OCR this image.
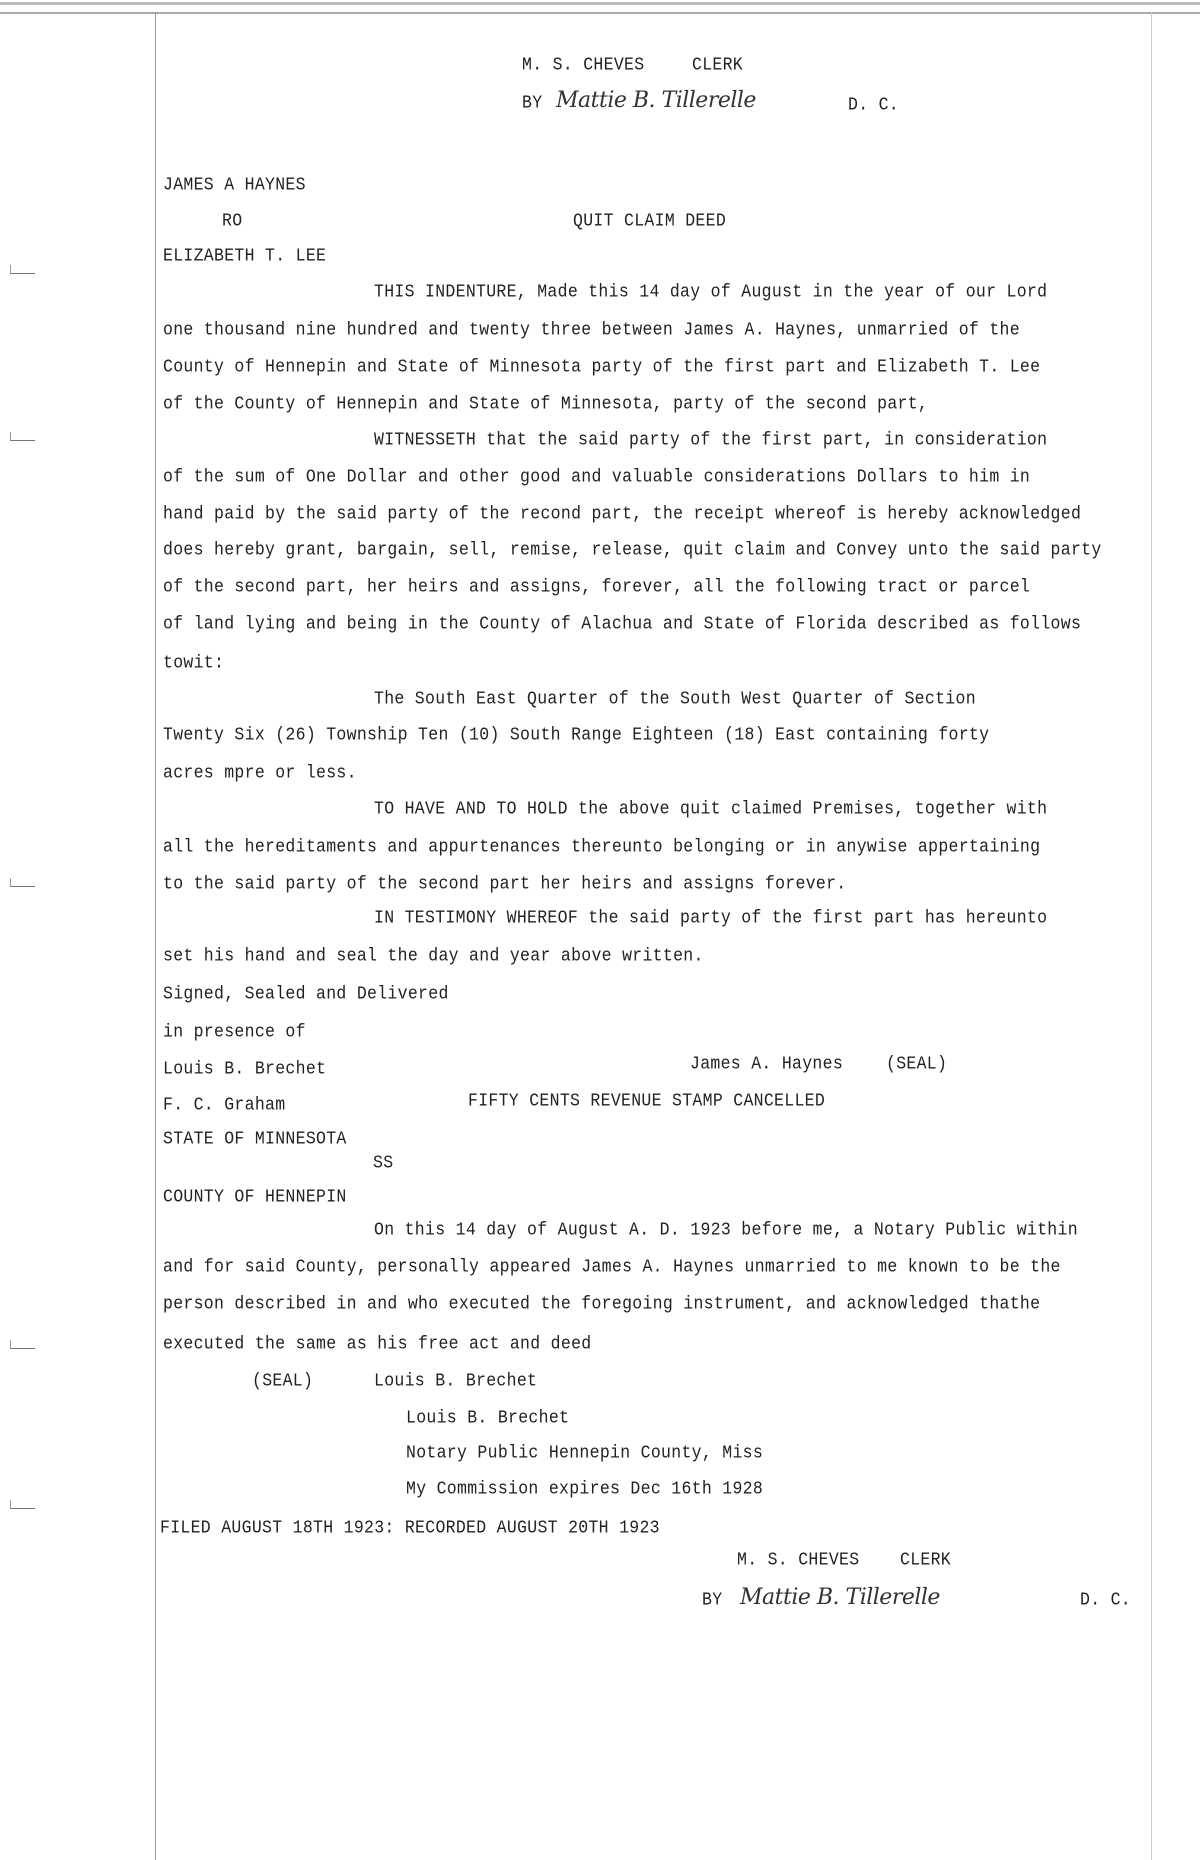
M. S. CHEVES	CLERK
BY Mattie B. Tillerelle	D. C.
JAMES A HAYNES
RO	QUIT CLAIM DEED
ELIZABETH T. LEE
THIS INDENTURE, Made this 14 day of August in the year of our Lord
one thousand nine hundred and twenty three between James A. Haynes, unmarried of the
County of Hennepin and State of Minnesota party of the first part and Elizabeth T. Lee
of the County of Hennepin and State of Minnesota, party of the second part,
WITNESSETH that the said party of the first part, in consideration
of the sum of One Dollar and other good and valuable considerations Dollars to him in
hand paid by the said party of the recond part, the receipt whereof is hereby acknowledged
does hereby grant, bargain, sell, remise, release, quit claim and Convey unto the said party
of the second part, her heirs and assigns, forever, all the following tract or parcel
of land lying and being in the County of Alachua and State of Florida described as follows
towit:
The South East Quarter of the South West Quarter of Section
Twenty Six (26) Township Ten (10) South Range Eighteen (18) East containing forty
acres mpre or less.
TO HAVE AND TO HOLD the above quit claimed Premises, together with
all the hereditaments and appurtenances thereunto belonging or in anywise appertaining
to the said party of the second part her heirs and assigns forever.
IN TESTIMONY WHEREOF the said party of the first part has hereunto
set his hand and seal the day and year above written.
Signed, Sealed and Delivered
in presence of
Louis B. Brechet	James A. Haynes	(SEAL)
F. C. Graham	FIFTY CENTS REVENUE STAMP CANCELLED
STATE OF MINNESOTA
SS
COUNTY OF HENNEPIN
On this 14 day of August A. D. 1923 before me, a Notary Public within
and for said County, personally appeared James A. Haynes unmarried to me known to be the
person described in and who executed the foregoing instrument, and acknowledged thathe
executed the same as his free act and deed
(SEAL)	Louis B. Brechet
Louis B. Brechet
Notary Public Hennepin County, Miss
My Commission expires Dec 16th 1928
FILED AUGUST 18TH 1923: RECORDED AUGUST 20TH 1923
M. S. CHEVES CLERK
BY Mattie B. Tillerelle	D. C.
